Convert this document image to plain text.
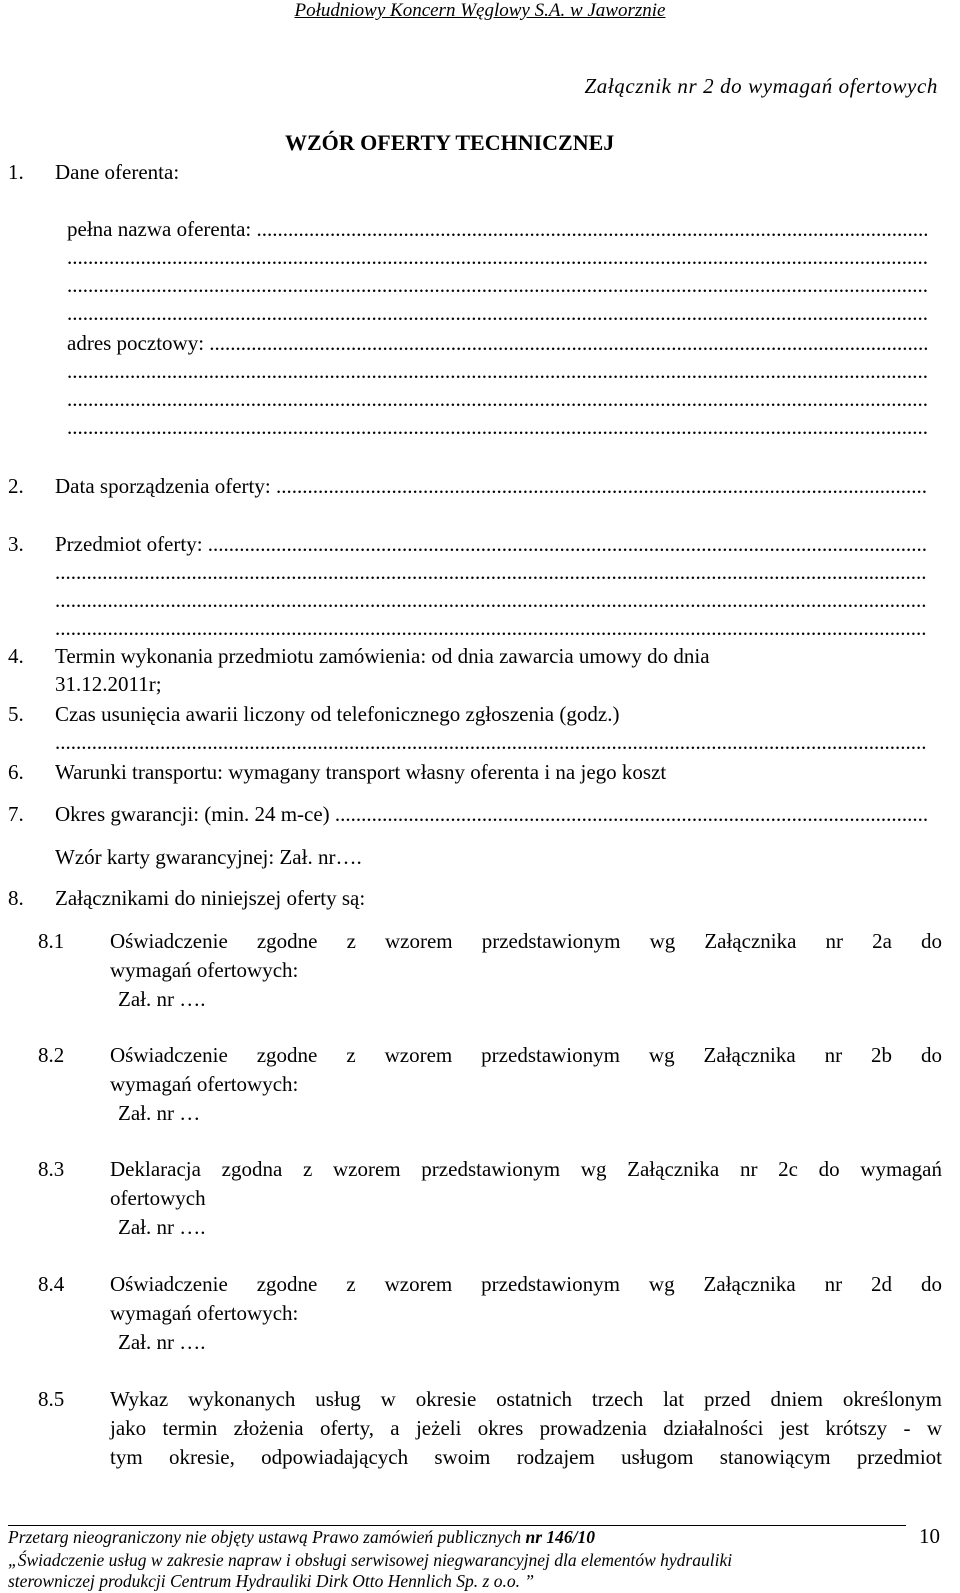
Południowy Koncern Węglowy S.A. w Jaworznie
Załącznik nr 2 do wymagań ofertowych
WZÓR OFERTY TECHNICZNEJ
1. Dane oferenta:
pełna nazwa oferenta: .....
.....
.....
.....
adres pocztowy: .....
.....
.....
.....
2. Data sporządzenia oferty: .....
3. Przedmiot oferty: .....
.....
.....
.....
4. Termin wykonania przedmiotu zamówienia: od dnia zawarcia umowy do dnia
31.12.2011r;
5. Czas usunięcia awarii liczony od telefonicznego zgłoszenia (godz.)
.....
6. Warunki transportu: wymagany transport własny oferenta i na jego koszt
7. Okres gwarancji: (min. 24 m-ce) .....
Wzór karty gwarancyjnej: Zał. nr….
8. Załącznikami do niniejszej oferty są:
8.1 Oświadczenie zgodne z wzorem przedstawionym wg Załącznika nr 2a do
wymagań ofertowych:
Zał. nr ….
8.2 Oświadczenie zgodne z wzorem przedstawionym wg Załącznika nr 2b do
wymagań ofertowych:
Zał. nr …
8.3 Deklaracja zgodna z wzorem przedstawionym wg Załącznika nr 2c do wymagań
ofertowych
Zał. nr ….
8.4 Oświadczenie zgodne z wzorem przedstawionym wg Załącznika nr 2d do
wymagań ofertowych:
Zał. nr ….
8.5 Wykaz wykonanych usług w okresie ostatnich trzech lat przed dniem określonym
jako termin złożenia oferty, a jeżeli okres prowadzenia działalności jest krótszy - w
tym okresie, odpowiadających swoim rodzajem usługom stanowiącym przedmiot
Przetarg nieograniczony nie objęty ustawą Prawo zamówień publicznych nr 146/10	10
„Świadczenie usług w zakresie napraw i obsługi serwisowej niegwarancyjnej dla elementów hydrauliki
sterowniczej produkcji Centrum Hydrauliki Dirk Otto Hennlich Sp. z o.o. ”
